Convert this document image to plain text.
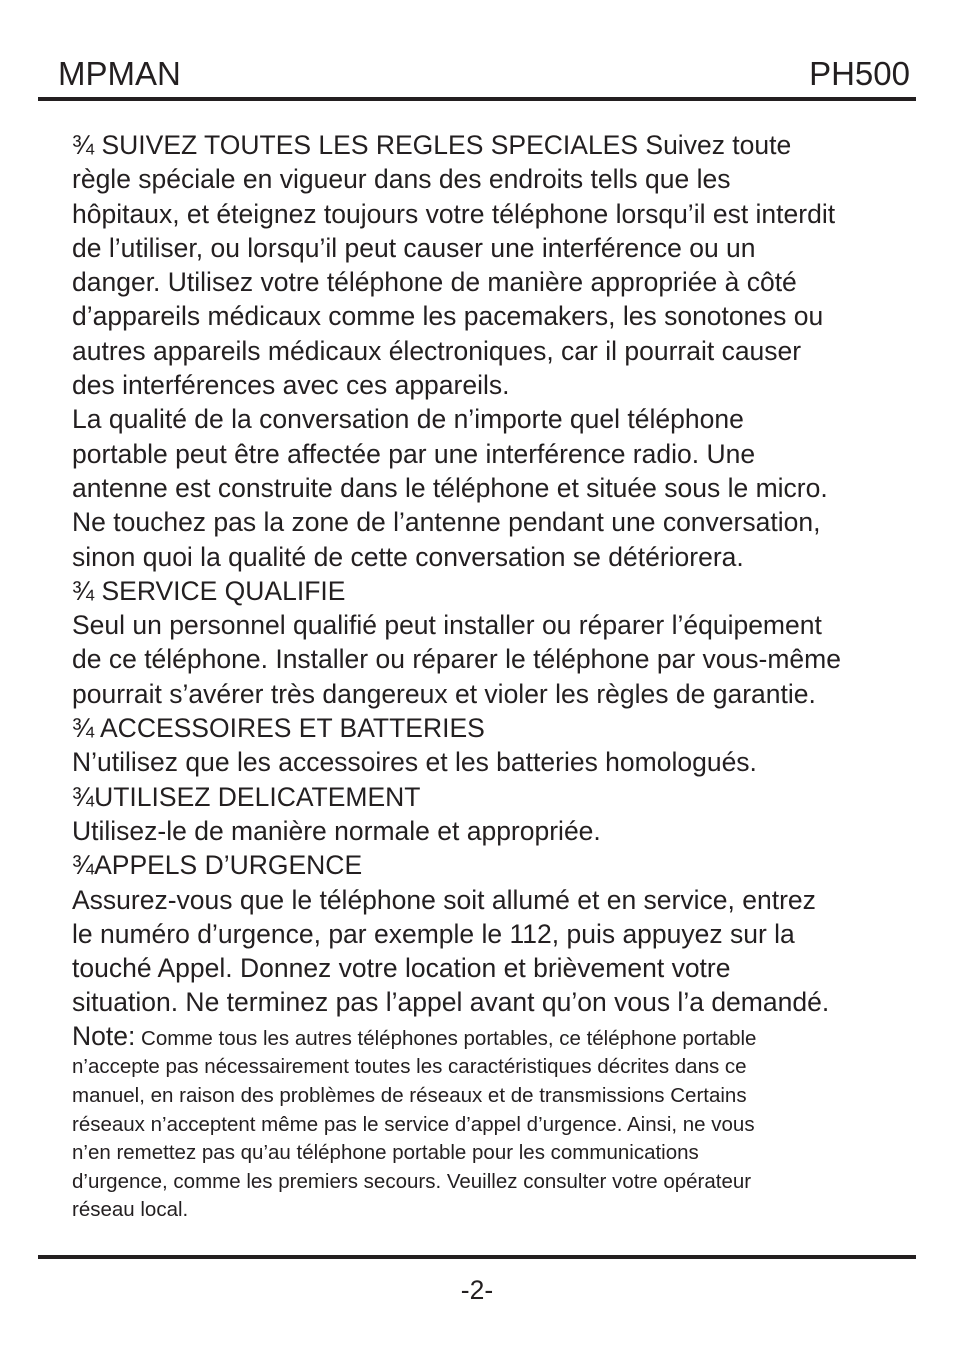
MPMAN	PH500
¾ SUIVEZ TOUTES LES REGLES SPECIALES Suivez toute
règle spéciale en vigueur dans des endroits tells que les
hôpitaux, et éteignez toujours votre téléphone lorsqu’il est interdit
de l’utiliser, ou lorsqu’il peut causer une interférence ou un
danger. Utilisez votre téléphone de manière appropriée à côté
d’appareils médicaux comme les pacemakers, les sonotones ou
autres appareils médicaux électroniques, car il pourrait causer
des interférences avec ces appareils.
La qualité de la conversation de n’importe quel téléphone
portable peut être affectée par une interférence radio. Une
antenne est construite dans le téléphone et située sous le micro.
Ne touchez pas la zone de l’antenne pendant une conversation,
sinon quoi la qualité de cette conversation se détériorera.
¾ SERVICE QUALIFIE
Seul un personnel qualifié peut installer ou réparer l’équipement
de ce téléphone. Installer ou réparer le téléphone par vous-même
pourrait s’avérer très dangereux et violer les règles de garantie.
¾ ACCESSOIRES ET BATTERIES
N’utilisez que les accessoires et les batteries homologués.
¾UTILISEZ DELICATEMENT
Utilisez-le de manière normale et appropriée.
¾APPELS D’URGENCE
Assurez-vous que le téléphone soit allumé et en service, entrez
le numéro d’urgence, par exemple le 112, puis appuyez sur la
touché Appel. Donnez votre location et brièvement votre
situation. Ne terminez pas l’appel avant qu’on vous l’a demandé.
Note: Comme tous les autres téléphones portables, ce téléphone portable
n’accepte pas nécessairement toutes les caractéristiques décrites dans ce
manuel, en raison des problèmes de réseaux et de transmissions Certains
réseaux n’acceptent même pas le service d’appel d’urgence. Ainsi, ne vous
n’en remettez pas qu’au téléphone portable pour les communications
d’urgence, comme les premiers secours. Veuillez consulter votre opérateur
réseau local.
-2-
